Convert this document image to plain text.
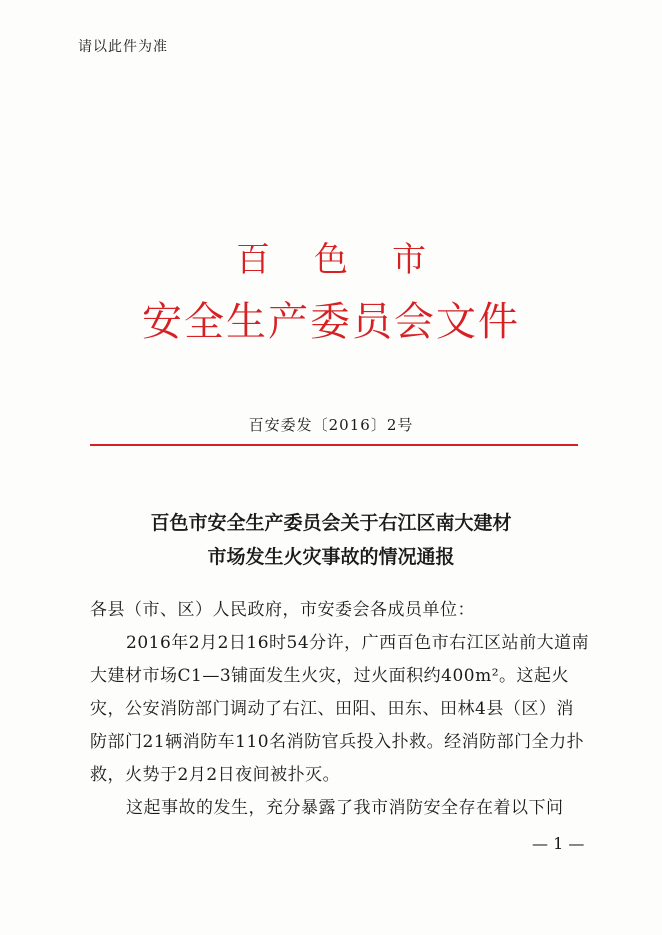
请以此件为准
百色市
安全生产委员会文件
百安委发〔2016〕2号
百色市安全生产委员会关于右江区南大建材
市场发生火灾事故的情况通报

各县（市、区）人民政府，市安委会各成员单位：

2016年2月2日16时54分许，广西百色市右江区站前大道南大建材市场C1—3铺面发生火灾，过火面积约400m²。这起火灾，公安消防部门调动了右江、田阳、田东、田林4县（区）消防部门21辆消防车110名消防官兵投入扑救。经消防部门全力扑救，火势于2月2日夜间被扑灭。

这起事故的发生，充分暴露了我市消防安全存在着以下问

— 1 —
